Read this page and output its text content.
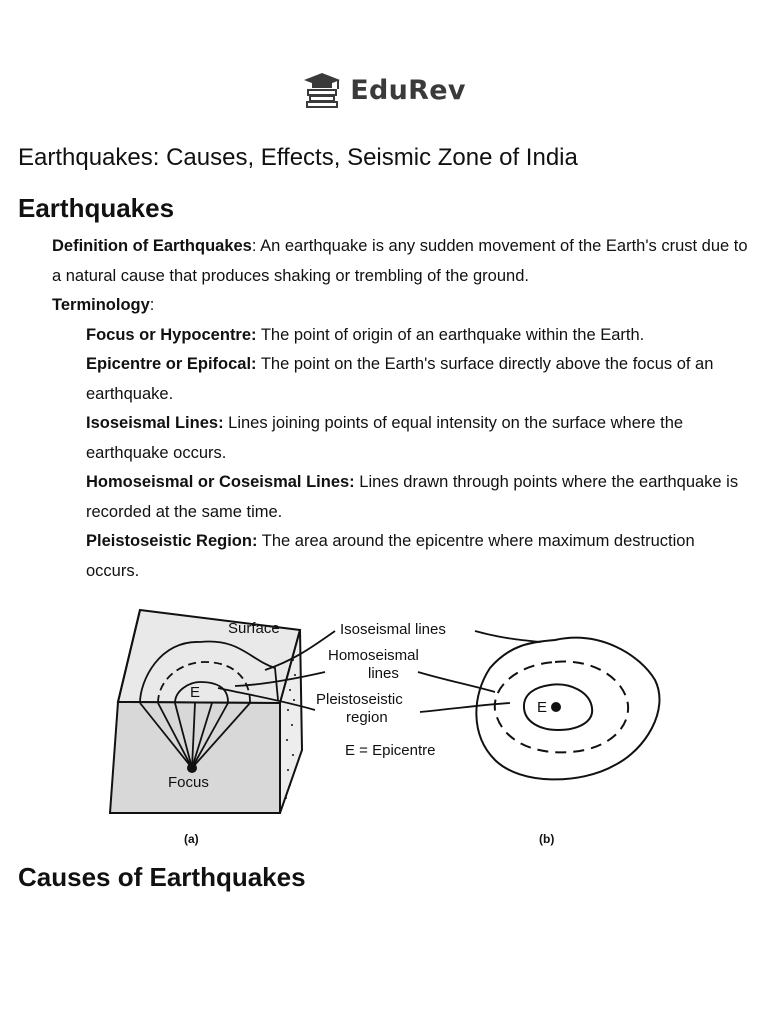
EduRev
Earthquakes: Causes, Effects, Seismic Zone of India
Earthquakes

Definition of Earthquakes: An earthquake is any sudden movement of the Earth's crust due to a natural cause that produces shaking or trembling of the ground.

Terminology:

Focus or Hypocentre: The point of origin of an earthquake within the Earth.

Epicentre or Epifocal: The point on the Earth's surface directly above the focus of an earthquake.

Isoseismal Lines: Lines joining points of equal intensity on the surface where the earthquake occurs.

Homoseismal or Coseismal Lines: Lines drawn through points where the earthquake is recorded at the same time.

Pleistoseistic Region: The area around the epicentre where maximum destruction occurs.

Surface
E
Focus
E
Isoseismal lines
Homoseismal
lines
Pleistoseistic
region
E = Epicentre
(a)	(b)
Causes of Earthquakes
